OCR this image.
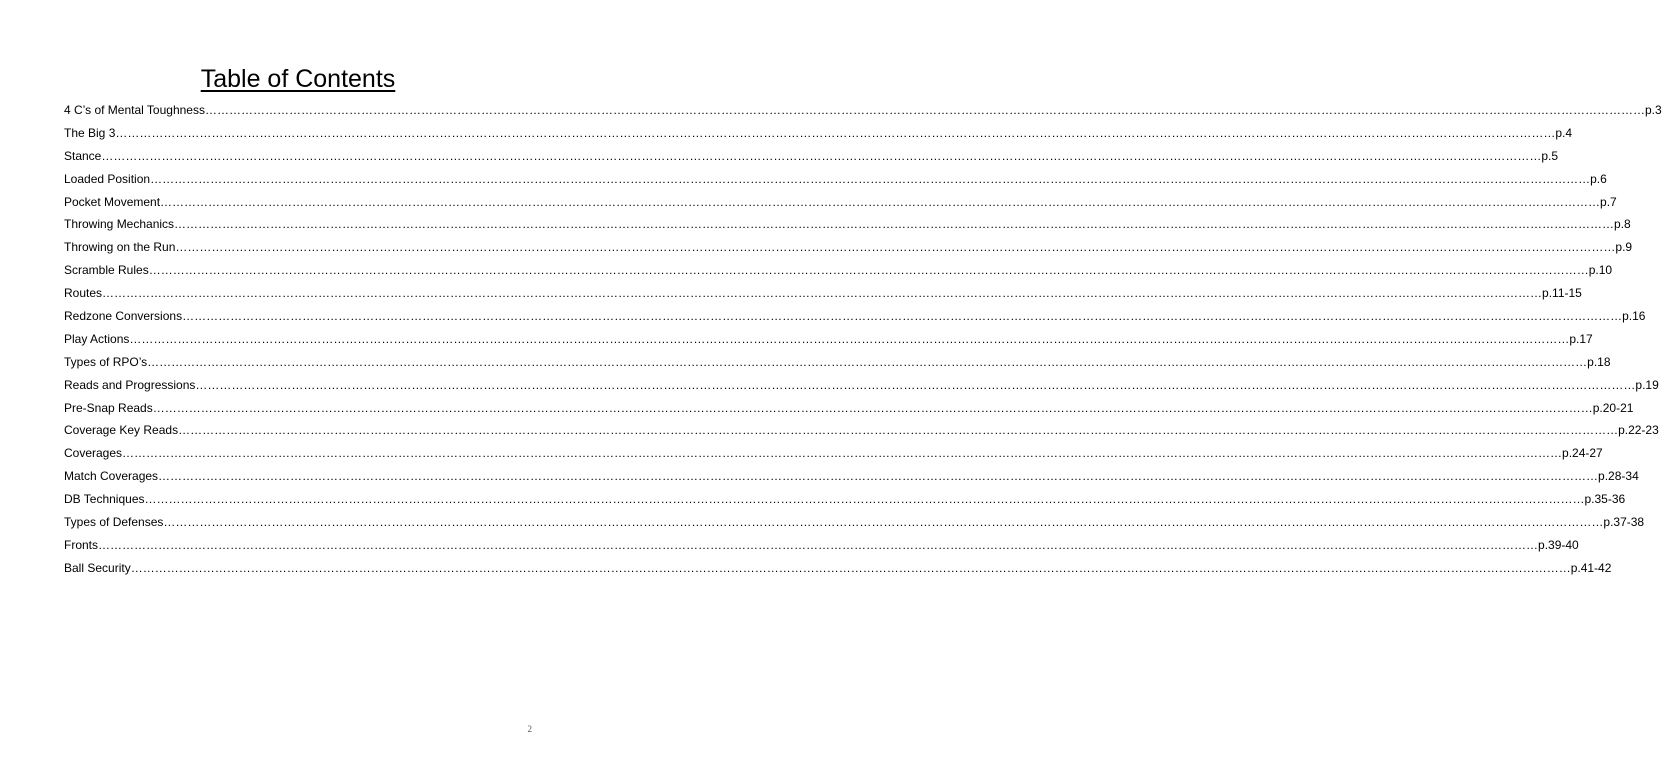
Table of Contents
4 C’s of Mental Toughness ……………………………………………………………………………………………………………………………………………………………………………………………………………………………………………………………………………………………………………………………… p.3
The Big 3 ……………………………………………………………………………………………………………………………………………………………………………………………………………………………………………………………………………………………………………………………… p.4
Stance ……………………………………………………………………………………………………………………………………………………………………………………………………………………………………………………………………………………………………………………………… p.5
Loaded Position ……………………………………………………………………………………………………………………………………………………………………………………………………………………………………………………………………………………………………………………………… p.6
Pocket Movement ……………………………………………………………………………………………………………………………………………………………………………………………………………………………………………………………………………………………………………………………… p.7
Throwing Mechanics ……………………………………………………………………………………………………………………………………………………………………………………………………………………………………………………………………………………………………………………………… p.8
Throwing on the Run ……………………………………………………………………………………………………………………………………………………………………………………………………………………………………………………………………………………………………………………………… p.9
Scramble Rules ……………………………………………………………………………………………………………………………………………………………………………………………………………………………………………………………………………………………………………………………… p.10
Routes ……………………………………………………………………………………………………………………………………………………………………………………………………………………………………………………………………………………………………………………………… p.11-15
Redzone Conversions ……………………………………………………………………………………………………………………………………………………………………………………………………………………………………………………………………………………………………………………………… p.16
Play Actions ……………………………………………………………………………………………………………………………………………………………………………………………………………………………………………………………………………………………………………………………… p.17
Types of RPO’s ……………………………………………………………………………………………………………………………………………………………………………………………………………………………………………………………………………………………………………………………… p.18
Reads and Progressions ……………………………………………………………………………………………………………………………………………………………………………………………………………………………………………………………………………………………………………………………… p.19
Pre-Snap Reads ……………………………………………………………………………………………………………………………………………………………………………………………………………………………………………………………………………………………………………………………… p.20-21
Coverage Key Reads ……………………………………………………………………………………………………………………………………………………………………………………………………………………………………………………………………………………………………………………………… p.22-23
Coverages ……………………………………………………………………………………………………………………………………………………………………………………………………………………………………………………………………………………………………………………………… p.24-27
Match Coverages ……………………………………………………………………………………………………………………………………………………………………………………………………………………………………………………………………………………………………………………………… p.28-34
DB Techniques ……………………………………………………………………………………………………………………………………………………………………………………………………………………………………………………………………………………………………………………………… p.35-36
Types of Defenses ……………………………………………………………………………………………………………………………………………………………………………………………………………………………………………………………………………………………………………………………… p.37-38
Fronts ……………………………………………………………………………………………………………………………………………………………………………………………………………………………………………………………………………………………………………………………… p.39-40
Ball Security ……………………………………………………………………………………………………………………………………………………………………………………………………………………………………………………………………………………………………………………………… p.41-42
2
